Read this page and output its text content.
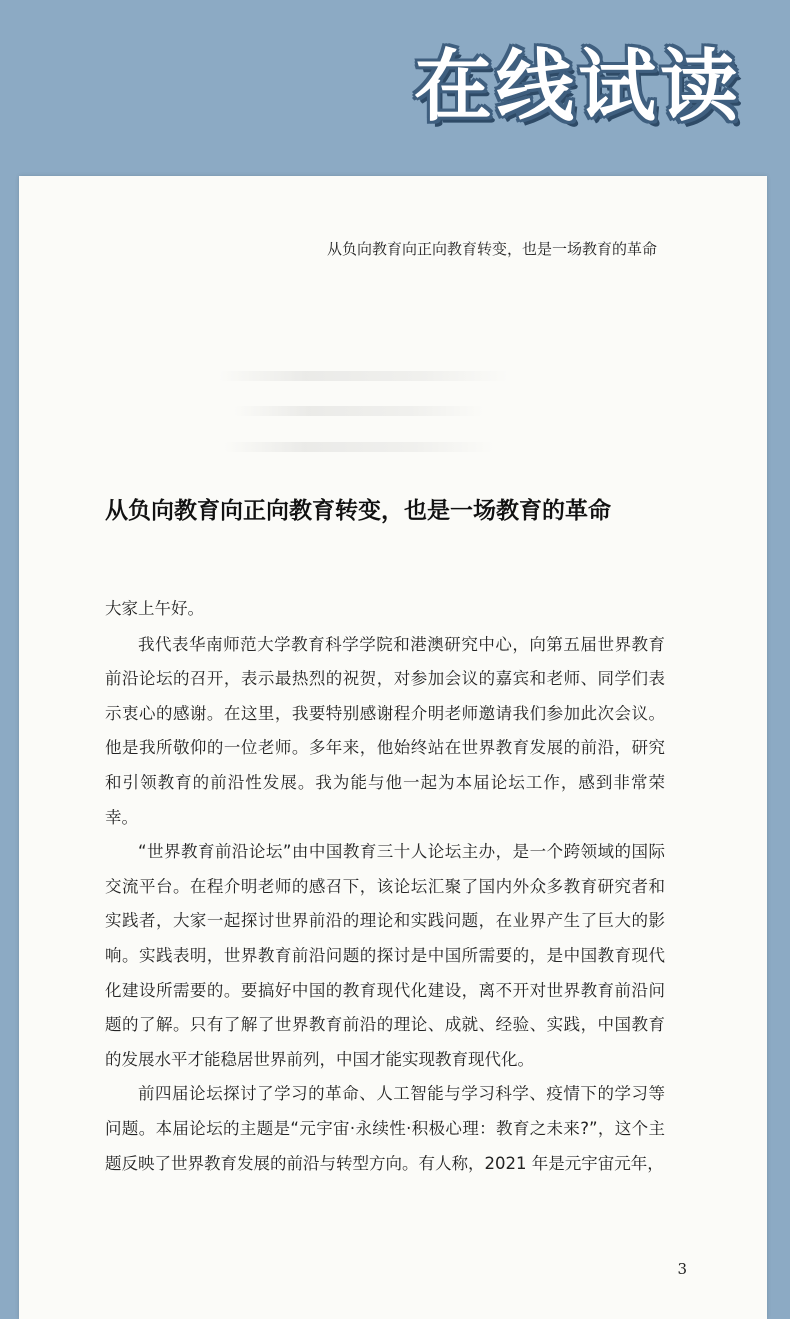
在线试读
从负向教育向正向教育转变，也是一场教育的革命
从负向教育向正向教育转变，也是一场教育的革命

大家上午好。

我代表华南师范大学教育科学学院和港澳研究中心，向第五届世界教育前沿论坛的召开，表示最热烈的祝贺，对参加会议的嘉宾和老师、同学们表示衷心的感谢。在这里，我要特别感谢程介明老师邀请我们参加此次会议。他是我所敬仰的一位老师。多年来，他始终站在世界教育发展的前沿，研究和引领教育的前沿性发展。我为能与他一起为本届论坛工作，感到非常荣幸。

“世界教育前沿论坛”由中国教育三十人论坛主办，是一个跨领域的国际交流平台。在程介明老师的感召下，该论坛汇聚了国内外众多教育研究者和实践者，大家一起探讨世界前沿的理论和实践问题，在业界产生了巨大的影响。实践表明，世界教育前沿问题的探讨是中国所需要的，是中国教育现代化建设所需要的。要搞好中国的教育现代化建设，离不开对世界教育前沿问题的了解。只有了解了世界教育前沿的理论、成就、经验、实践，中国教育的发展水平才能稳居世界前列，中国才能实现教育现代化。

前四届论坛探讨了学习的革命、人工智能与学习科学、疫情下的学习等问题。本届论坛的主题是“元宇宙·永续性·积极心理：教育之未来?”，这个主题反映了世界教育发展的前沿与转型方向。有人称，2021 年是元宇宙元年，

3
